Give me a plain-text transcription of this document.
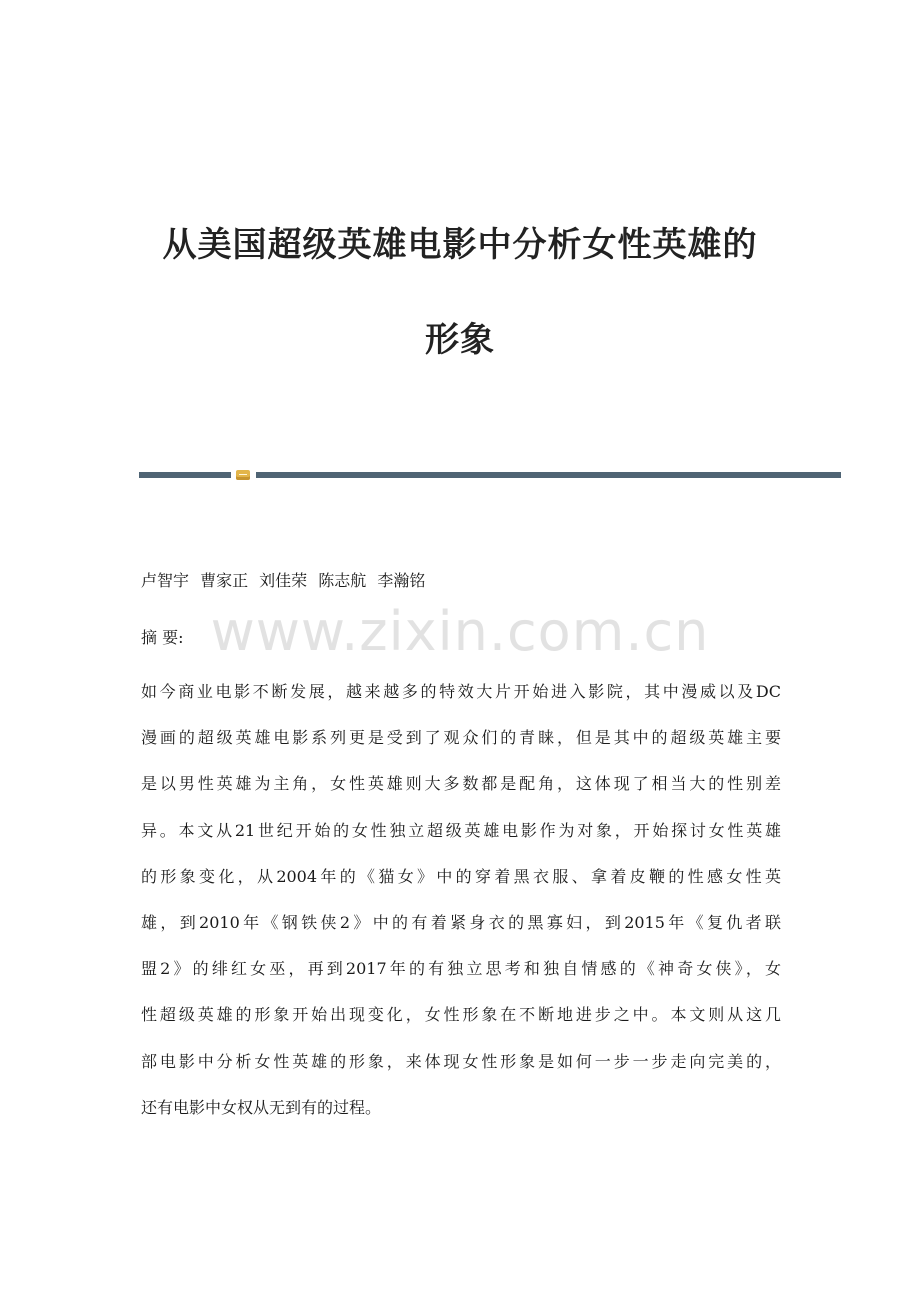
从美国超级英雄电影中分析女性英雄的
形象
www.zixin.com.cn
卢智宇 曹家正 刘佳荣 陈志航 李瀚铭
摘 要:
如今商业电影不断发展，越来越多的特效大片开始进入影院，其中漫威以及DC
漫画的超级英雄电影系列更是受到了观众们的青睐，但是其中的超级英雄主要
是以男性英雄为主角，女性英雄则大多数都是配角，这体现了相当大的性别差
异。本文从21世纪开始的女性独立超级英雄电影作为对象，开始探讨女性英雄
的形象变化，从2004年的《猫女》中的穿着黑衣服、拿着皮鞭的性感女性英
雄，到2010年《钢铁侠2》中的有着紧身衣的黑寡妇，到2015年《复仇者联
盟2》的绯红女巫，再到2017年的有独立思考和独自情感的《神奇女侠》，女
性超级英雄的形象开始出现变化，女性形象在不断地进步之中。本文则从这几
部电影中分析女性英雄的形象，来体现女性形象是如何一步一步走向完美的，
还有电影中女权从无到有的过程。
